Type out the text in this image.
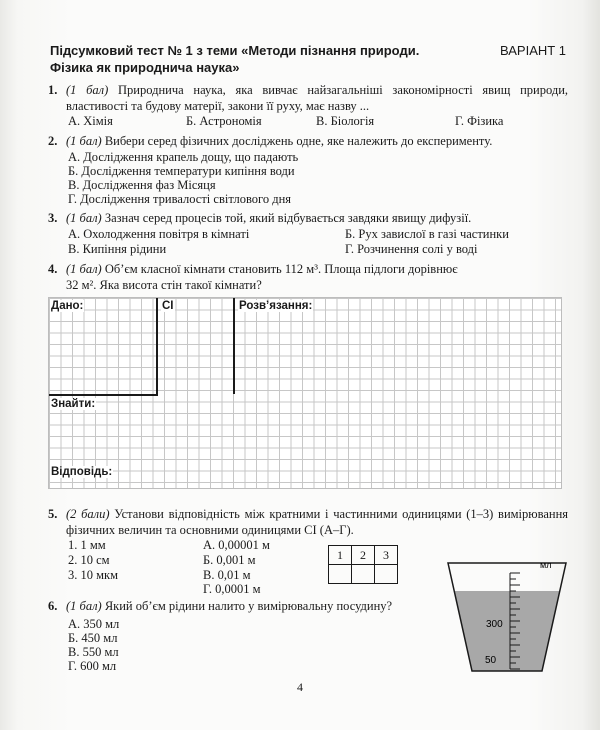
Підсумковий тест № 1 з теми «Методи пізнання природи.
Фізика як природнича наука»
ВАРІАНТ 1
1. (1 бал) Природнича наука, яка вивчає найзагальніші закономірності явищ природи, властивості та будову матерії, закони її руху, має назву ...
А. Хімія	Б. Астрономія	В. Біологія	Г. Фізика
2. (1 бал) Вибери серед фізичних досліджень одне, яке належить до експерименту.
А. Дослідження крапель дощу, що падають
Б. Дослідження температури кипіння води
В. Дослідження фаз Місяця
Г. Дослідження тривалості світлового дня
3. (1 бал) Зазнач серед процесів той, який відбувається завдяки явищу дифузії.
А. Охолодження повітря в кімнаті	Б. Рух завислої в газі частинки
В. Кипіння рідини	Г. Розчинення солі у воді
4. (1 бал) Об’єм класної кімнати становить 112 м³. Площа підлоги дорівнює
32 м². Яка висота стін такої кімнати?
Дано:	СІ	Розв’язання:
Знайти:
Відповідь:
5. (2 бали) Установи відповідність між кратними і частинними одиницями (1–3) вимірювання фізичних величин та основними одиницями СІ (А–Г).
1. 1 мм
2. 10 см
3. 10 мкм
А. 0,00001 м
Б. 0,001 м
В. 0,01 м
Г. 0,0001 м
1	2	3

6. (1 бал) Який об’єм рідини налито у вимірювальну посудину?
А. 350 мл
Б. 450 мл
В. 550 мл
Г. 600 мл
мл
300
50
4
